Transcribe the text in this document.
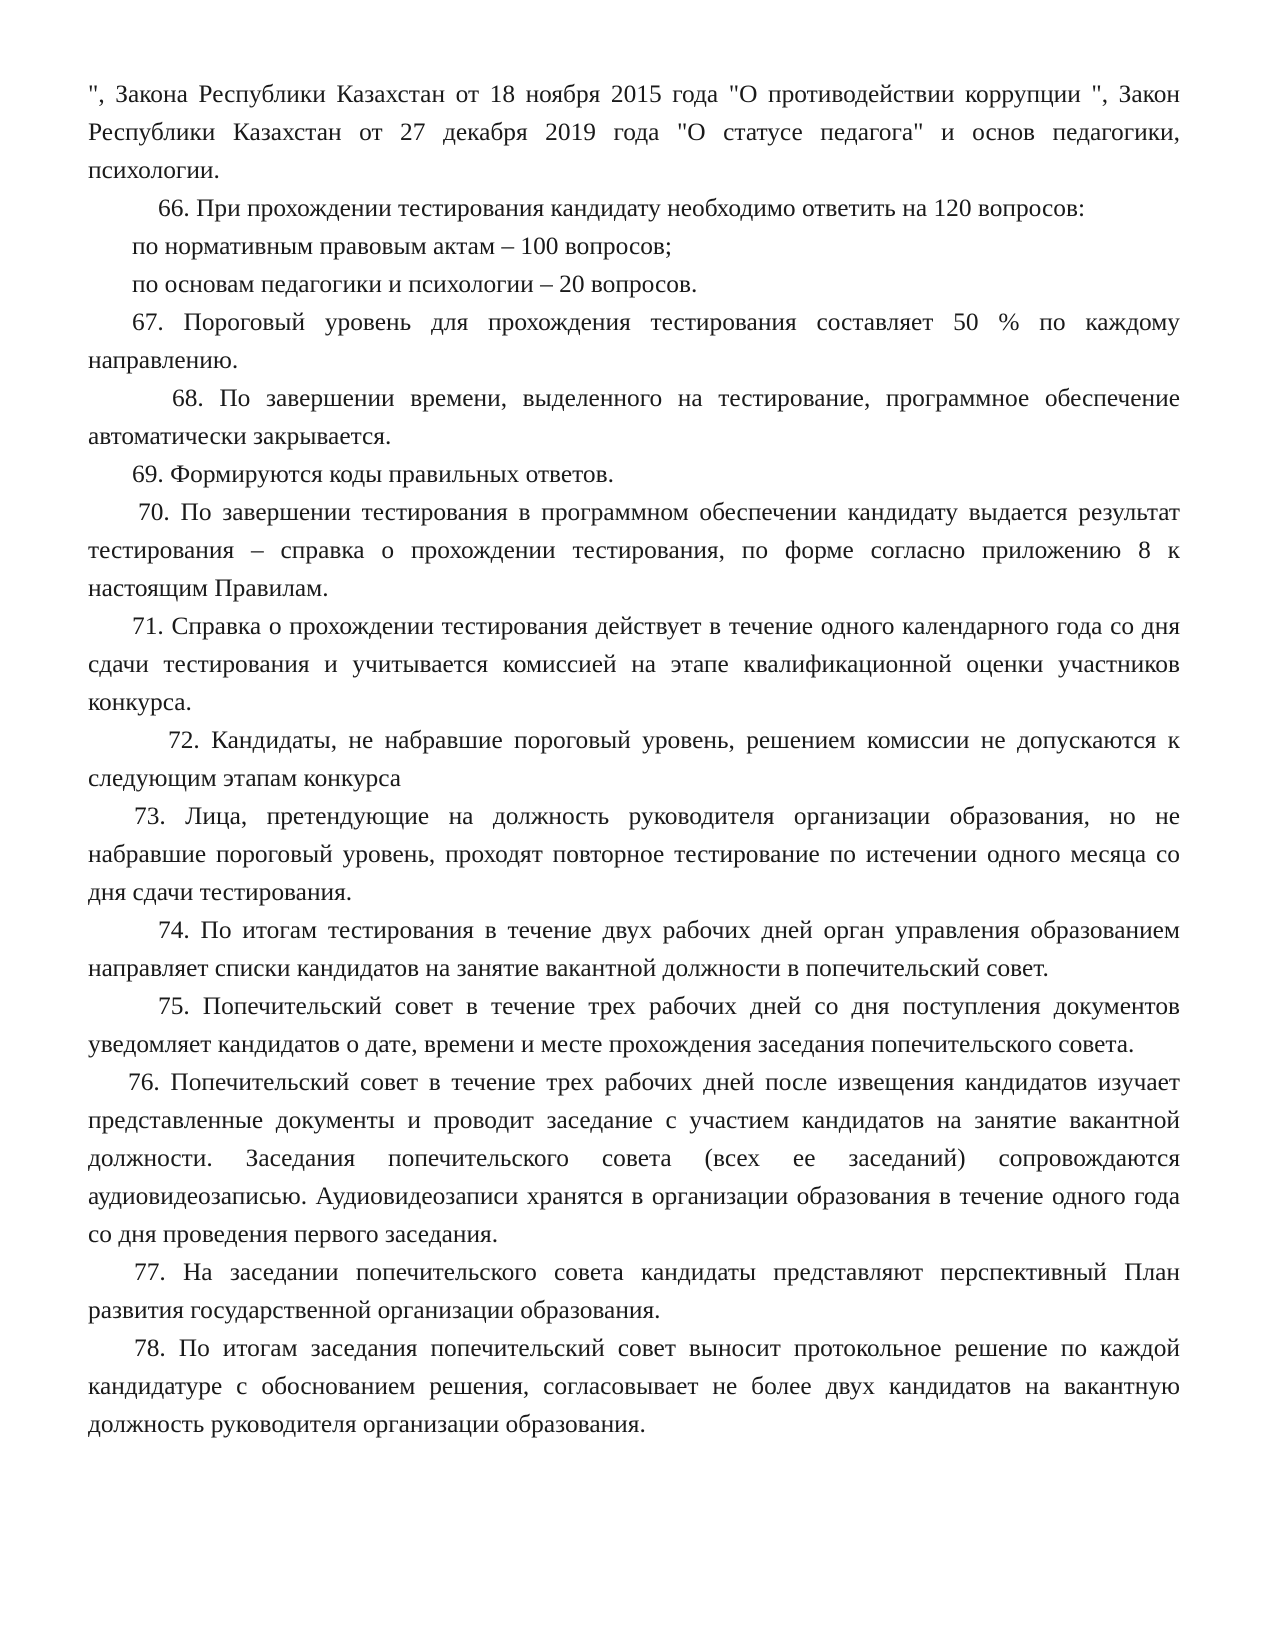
", Закона Республики Казахстан от 18 ноября 2015 года "О противодействии коррупции ", Закон Республики Казахстан от 27 декабря 2019 года "О статусе педагога" и основ педагогики, психологии.

66. При прохождении тестирования кандидату необходимо ответить на 120 вопросов:

по нормативным правовым актам – 100 вопросов;

по основам педагогики и психологии – 20 вопросов.

67. Пороговый уровень для прохождения тестирования составляет 50 % по каждому направлению.

68. По завершении времени, выделенного на тестирование, программное обеспечение автоматически закрывается.

69. Формируются коды правильных ответов.

70. По завершении тестирования в программном обеспечении кандидату выдается результат тестирования – справка о прохождении тестирования, по форме согласно приложению 8 к настоящим Правилам.

71. Справка о прохождении тестирования действует в течение одного календарного года со дня сдачи тестирования и учитывается комиссией на этапе квалификационной оценки участников конкурса.

72. Кандидаты, не набравшие пороговый уровень, решением комиссии не допускаются к следующим этапам конкурса

73. Лица, претендующие на должность руководителя организации образования, но не набравшие пороговый уровень, проходят повторное тестирование по истечении одного месяца со дня сдачи тестирования.

74. По итогам тестирования в течение двух рабочих дней орган управления образованием направляет списки кандидатов на занятие вакантной должности в попечительский совет.

75. Попечительский совет в течение трех рабочих дней со дня поступления документов уведомляет кандидатов о дате, времени и месте прохождения заседания попечительского совета.

76. Попечительский совет в течение трех рабочих дней после извещения кандидатов изучает представленные документы и проводит заседание с участием кандидатов на занятие вакантной должности. Заседания попечительского совета (всех ее заседаний) сопровождаются аудиовидеозаписью. Аудиовидеозаписи хранятся в организации образования в течение одного года со дня проведения первого заседания.

77. На заседании попечительского совета кандидаты представляют перспективный План развития государственной организации образования.

78. По итогам заседания попечительский совет выносит протокольное решение по каждой кандидатуре с обоснованием решения, согласовывает не более двух кандидатов на вакантную должность руководителя организации образования.
